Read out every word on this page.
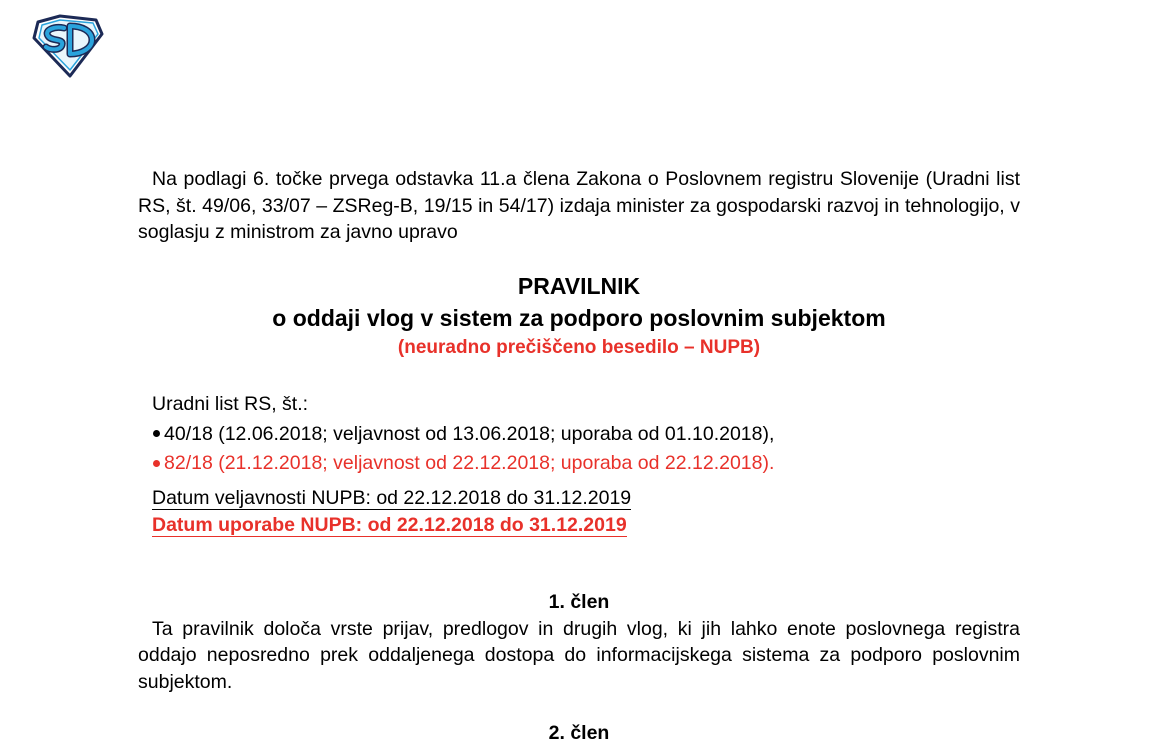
Na podlagi 6. točke prvega odstavka 11.a člena Zakona o Poslovnem registru Slovenije (Uradni list RS, št. 49/06, 33/07 – ZSReg-B, 19/15 in 54/17) izdaja minister za gospodarski razvoj in tehnologijo, v soglasju z ministrom za javno upravo

PRAVILNIK

o oddaji vlog v sistem za podporo poslovnim subjektom

(neuradno prečiščeno besedilo – NUPB)

Uradni list RS, št.:

40/18 (12.06.2018; veljavnost od 13.06.2018; uporaba od 01.10.2018),
82/18 (21.12.2018; veljavnost od 22.12.2018; uporaba od 22.12.2018).

Datum veljavnosti NUPB: od 22.12.2018 do 31.12.2019

Datum uporabe NUPB: od 22.12.2018 do 31.12.2019

1. člen

Ta pravilnik določa vrste prijav, predlogov in drugih vlog, ki jih lahko enote poslovnega registra oddajo neposredno prek oddaljenega dostopa do informacijskega sistema za podporo poslovnim subjektom.

2. člen
